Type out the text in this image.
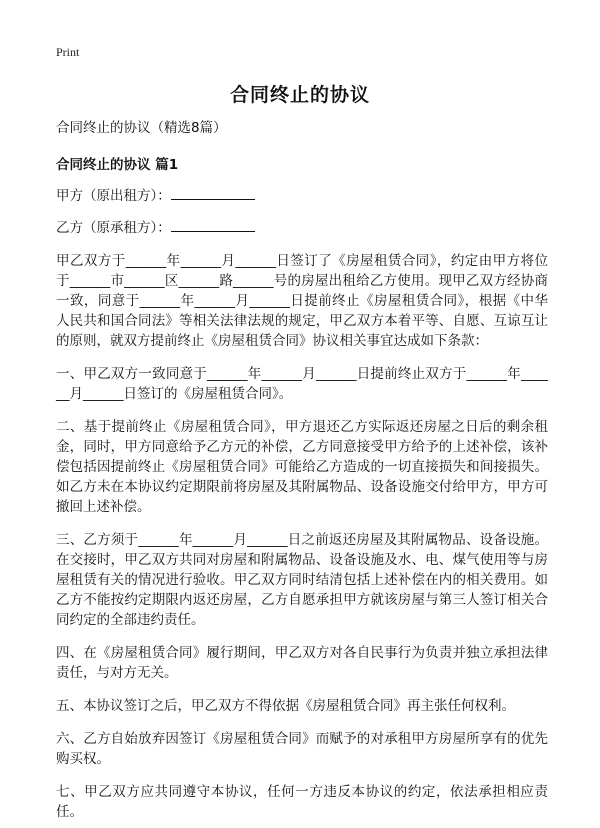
Print
合同终止的协议
合同终止的协议（精选8篇）
合同终止的协议 篇1
甲方（原出租方）：
乙方（原承租方）：

甲乙双方于______年______月______日签订了《房屋租赁合同》，约定由甲方将位于______市______区______路______号的房屋出租给乙方使用。现甲乙双方经协商一致，同意于______年______月______日提前终止《房屋租赁合同》，根据《中华人民共和国合同法》等相关法律法规的规定，甲乙双方本着平等、自愿、互谅互让的原则，就双方提前终止《房屋租赁合同》协议相关事宜达成如下条款：

一、甲乙双方一致同意于______年______月______日提前终止双方于______年______月______日签订的《房屋租赁合同》。

二、基于提前终止《房屋租赁合同》，甲方退还乙方实际返还房屋之日后的剩余租金，同时，甲方同意给予乙方元的补偿，乙方同意接受甲方给予的上述补偿，该补偿包括因提前终止《房屋租赁合同》可能给乙方造成的一切直接损失和间接损失。如乙方未在本协议约定期限前将房屋及其附属物品、设备设施交付给甲方，甲方可撤回上述补偿。

三、乙方须于______年______月______日之前返还房屋及其附属物品、设备设施。在交接时，甲乙双方共同对房屋和附属物品、设备设施及水、电、煤气使用等与房屋租赁有关的情况进行验收。甲乙双方同时结清包括上述补偿在内的相关费用。如乙方不能按约定期限内返还房屋，乙方自愿承担甲方就该房屋与第三人签订相关合同约定的全部违约责任。

四、在《房屋租赁合同》履行期间，甲乙双方对各自民事行为负责并独立承担法律责任，与对方无关。

五、本协议签订之后，甲乙双方不得依据《房屋租赁合同》再主张任何权利。

六、乙方自始放弃因签订《房屋租赁合同》而赋予的对承租甲方房屋所享有的优先购买权。

七、甲乙双方应共同遵守本协议，任何一方违反本协议的约定，依法承担相应责任。
